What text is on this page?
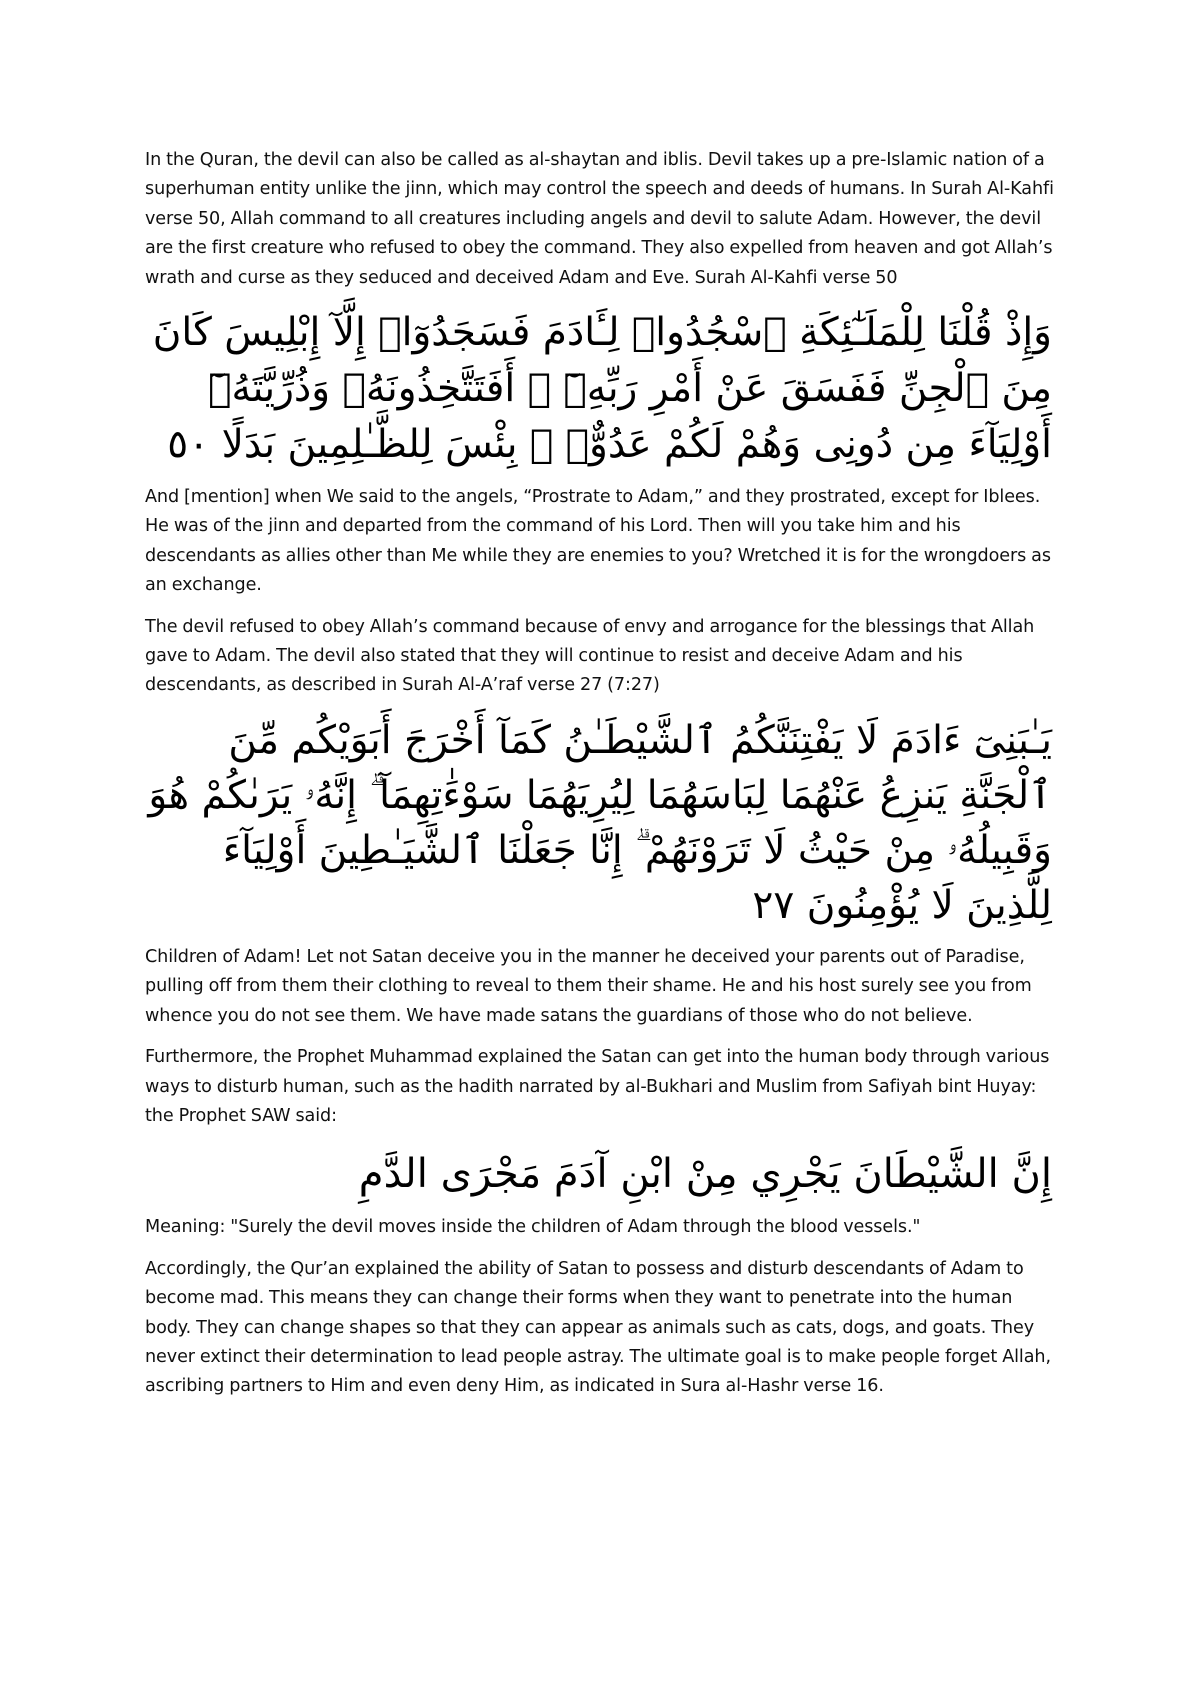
In the Quran, the devil can also be called as al-shaytan and iblis. Devil takes up a pre-Islamic nation of a superhuman entity unlike the jinn, which may control the speech and deeds of humans. In Surah Al-Kahfi verse 50, Allah command to all creatures including angels and devil to salute Adam. However, the devil are the first creature who refused to obey the command. They also expelled from heaven and got Allah’s wrath and curse as they seduced and deceived Adam and Eve. Surah Al-Kahfi verse 50

وَإِذْ قُلْنَا لِلْمَلَـٰٓئِكَةِ ٱسْجُدُوا۟ لِـَٔادَمَ فَسَجَدُوٓا۟ إِلَّآ إِبْلِيسَ كَانَ مِنَ ٱلْجِنِّ فَفَسَقَ عَنْ أَمْرِ رَبِّهِۦٓ ۗ أَفَتَتَّخِذُونَهُۥ وَذُرِّيَّتَهُۥٓ أَوْلِيَآءَ مِن دُونِى وَهُمْ لَكُمْ عَدُوٌّۢ ۚ بِئْسَ لِلظَّـٰلِمِينَ بَدَلًا ٥٠

And [mention] when We said to the angels, “Prostrate to Adam,” and they prostrated, except for Iblees. He was of the jinn and departed from the command of his Lord. Then will you take him and his descendants as allies other than Me while they are enemies to you? Wretched it is for the wrongdoers as an exchange.

The devil refused to obey Allah’s command because of envy and arrogance for the blessings that Allah gave to Adam. The devil also stated that they will continue to resist and deceive Adam and his descendants, as described in Surah Al-A’raf verse 27 (7:27)

يَـٰبَنِىٓ ءَادَمَ لَا يَفْتِنَنَّكُمُ ٱلشَّيْطَـٰنُ كَمَآ أَخْرَجَ أَبَوَيْكُم مِّنَ ٱلْجَنَّةِ يَنزِعُ عَنْهُمَا لِبَاسَهُمَا لِيُرِيَهُمَا سَوْءَٰتِهِمَآ ۗ إِنَّهُۥ يَرَىٰكُمْ هُوَ وَقَبِيلُهُۥ مِنْ حَيْثُ لَا تَرَوْنَهُمْ ۗ إِنَّا جَعَلْنَا ٱلشَّيَـٰطِينَ أَوْلِيَآءَ لِلَّذِينَ لَا يُؤْمِنُونَ ٢٧

Children of Adam! Let not Satan deceive you in the manner he deceived your parents out of Paradise, pulling off from them their clothing to reveal to them their shame. He and his host surely see you from whence you do not see them. We have made satans the guardians of those who do not believe.

Furthermore, the Prophet Muhammad explained the Satan can get into the human body through various ways to disturb human, such as the hadith narrated by al-Bukhari and Muslim from Safiyah bint Huyay: the Prophet SAW said:

إِنَّ الشَّيْطَانَ يَجْرِي مِنْ ابْنِ آدَمَ مَجْرَى الدَّمِ

Meaning: "Surely the devil moves inside the children of Adam through the blood vessels."

Accordingly, the Qur’an explained the ability of Satan to possess and disturb descendants of Adam to become mad. This means they can change their forms when they want to penetrate into the human body. They can change shapes so that they can appear as animals such as cats, dogs, and goats. They never extinct their determination to lead people astray. The ultimate goal is to make people forget Allah, ascribing partners to Him and even deny Him, as indicated in Sura al-Hashr verse 16.
